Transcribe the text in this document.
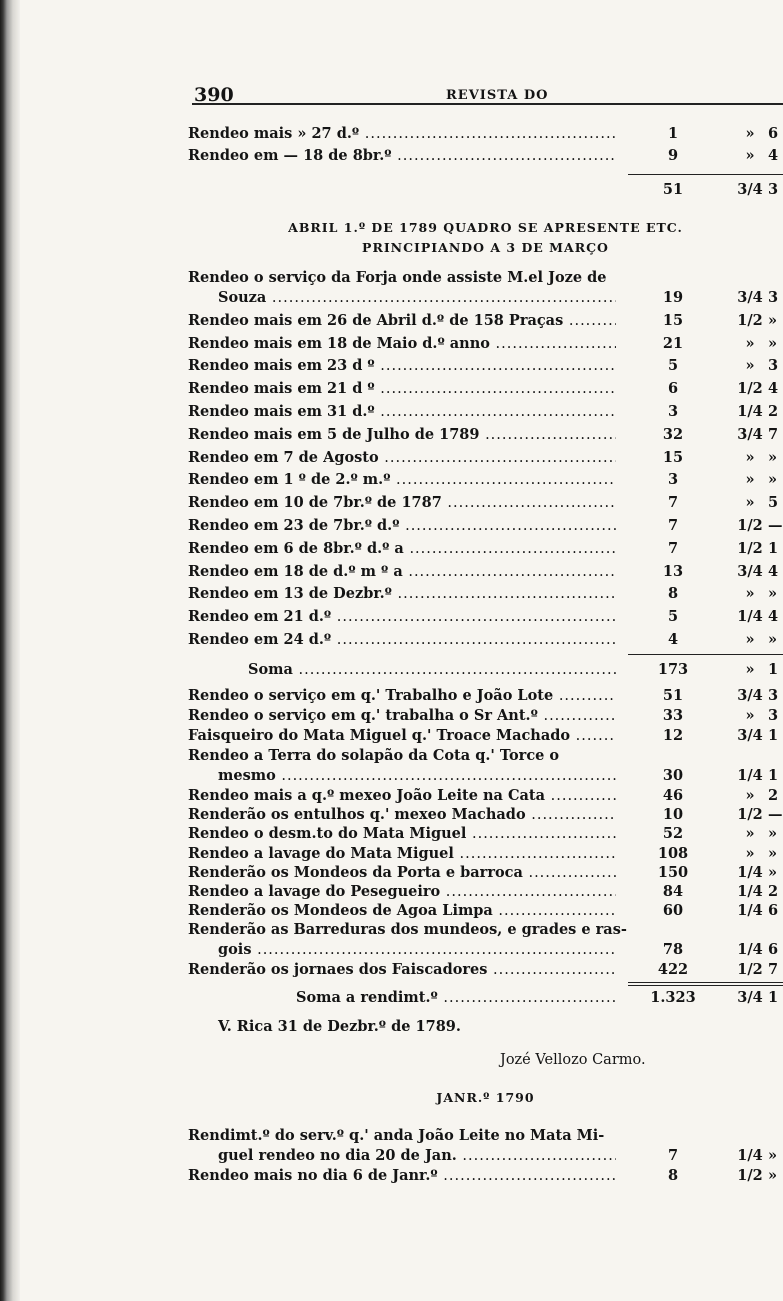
390	REVISTA DO
Rendeo mais » 27 d.º .....	1	» 6
Rendeo em — 18 de 8br.º .....	9	» 4
51	3/4 3
ABRIL 1.º DE 1789 QUADRO SE APRESENTE ETC.
PRINCIPIANDO A 3 DE MARÇO
Rendeo o serviço da Forja onde assiste M.el Joze de
Souza .....	19	3/4 3
Rendeo mais em 26 de Abril d.º de 158 Praças .....	15	1/2 »
Rendeo mais em 18 de Maio d.º anno .....	21	» »
Rendeo mais em 23 d º .....	5	» 3
Rendeo mais em 21 d º .....	6	1/2 4
Rendeo mais em 31 d.º .....	3	1/4 2
Rendeo mais em 5 de Julho de 1789 .....	32	3/4 7
Rendeo em 7 de Agosto .....	15	» »
Rendeo em 1 º de 2.º m.º .....	3	» »
Rendeo em 10 de 7br.º de 1787 .....	7	» 5
Rendeo em 23 de 7br.º d.º .....	7	1/2 —
Rendeo em 6 de 8br.º d.º a .....	7	1/2 1
Rendeo em 18 de d.º m º a .....	13	3/4 4
Rendeo em 13 de Dezbr.º .....	8	» »
Rendeo em 21 d.º .....	5	1/4 4
Rendeo em 24 d.º .....	4	» »
Soma .....	173	» 1
Rendeo o serviço em q.' Trabalho e João Lote .....	51	3/4 3
Rendeo o serviço em q.' trabalha o Sr Ant.º .....	33	» 3
Faisqueiro do Mata Miguel q.' Troace Machado .....	12	3/4 1
Rendeo a Terra do solapão da Cota q.' Torce o
mesmo .....	30	1/4 1
Rendeo mais a q.º mexeo João Leite na Cata .....	46	» 2
Renderão os entulhos q.' mexeo Machado .....	10	1/2 —
Rendeo o desm.to do Mata Miguel .....	52	» »
Rendeo a lavage do Mata Miguel .....	108	» »
Renderão os Mondeos da Porta e barroca .....	150	1/4 »
Rendeo a lavage do Pesegueiro .....	84	1/4 2
Renderão os Mondeos de Agoa Limpa .....	60	1/4 6
Renderão as Barreduras dos mundeos, e grades e ras-
gois .....	78	1/4 6
Renderão os jornaes dos Faiscadores .....	422	1/2 7
Soma a rendimt.º .....	1.323	3/4 1
V. Rica 31 de Dezbr.º de 1789.
Jozé Vellozo Carmo.
JANR.º 1790
Rendimt.º do serv.º q.' anda João Leite no Mata Mi-
guel rendeo no dia 20 de Jan. .....	7	1/4 »
Rendeo mais no dia 6 de Janr.º .....	8	1/2 »
